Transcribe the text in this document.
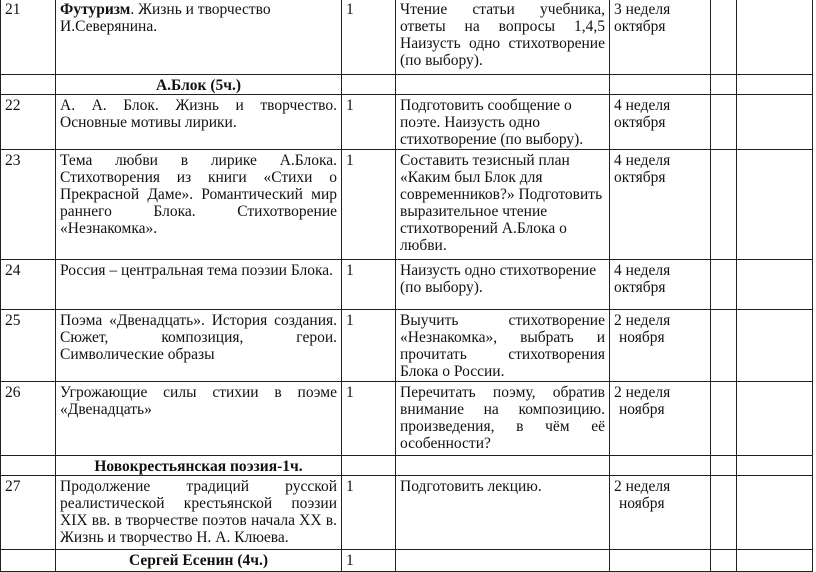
21	Футуризм. Жизнь и творчество И.Северянина.	1	Чтение статьи учебника, ответы на вопросы 1,4,5 Наизусть одно стихотворение (по выбору).	3 неделя
октября		

	А.Блок (5ч.)					
22	А. А. Блок. Жизнь и творчество. Основные мотивы лирики.	1	Подготовить сообщение о поэте. Наизусть одно стихотворение (по выбору).	4 неделя
октября		

23	Тема любви в лирике А.Блока. Стихотворения из книги «Стихи о Прекрасной Даме». Романтический мир раннего Блока. Стихотворение «Незнакомка».	1	Составить тезисный план «Каким был Блок для современников?» Подготовить выразительное чтение стихотворений А.Блока о любви.	4 неделя
октября		

24	Россия – центральная тема поэзии Блока.	1	Наизусть одно стихотворение (по выбору).	4 неделя
октября		

25	Поэма «Двенадцать». История создания. Сюжет, композиция, герои. Символические образы	1	Выучить стихотворение «Незнакомка», выбрать и прочитать стихотворения Блока о России.	2 неделя
ноября		

26	Угрожающие силы стихии в поэме «Двенадцать»	1	Перечитать поэму, обратив внимание на композицию. произведения, в чём её особенности?	2 неделя
ноября		

	Новокрестьянская поэзия-1ч.					
27	Продолжение традиций русской реалистической крестьянской поэзии XIX вв. в творчестве поэтов начала XX в. Жизнь и творчество Н. А. Клюева.	1	Подготовить лекцию.	2 неделя
ноября		

	Сергей Есенин (4ч.)	1				
